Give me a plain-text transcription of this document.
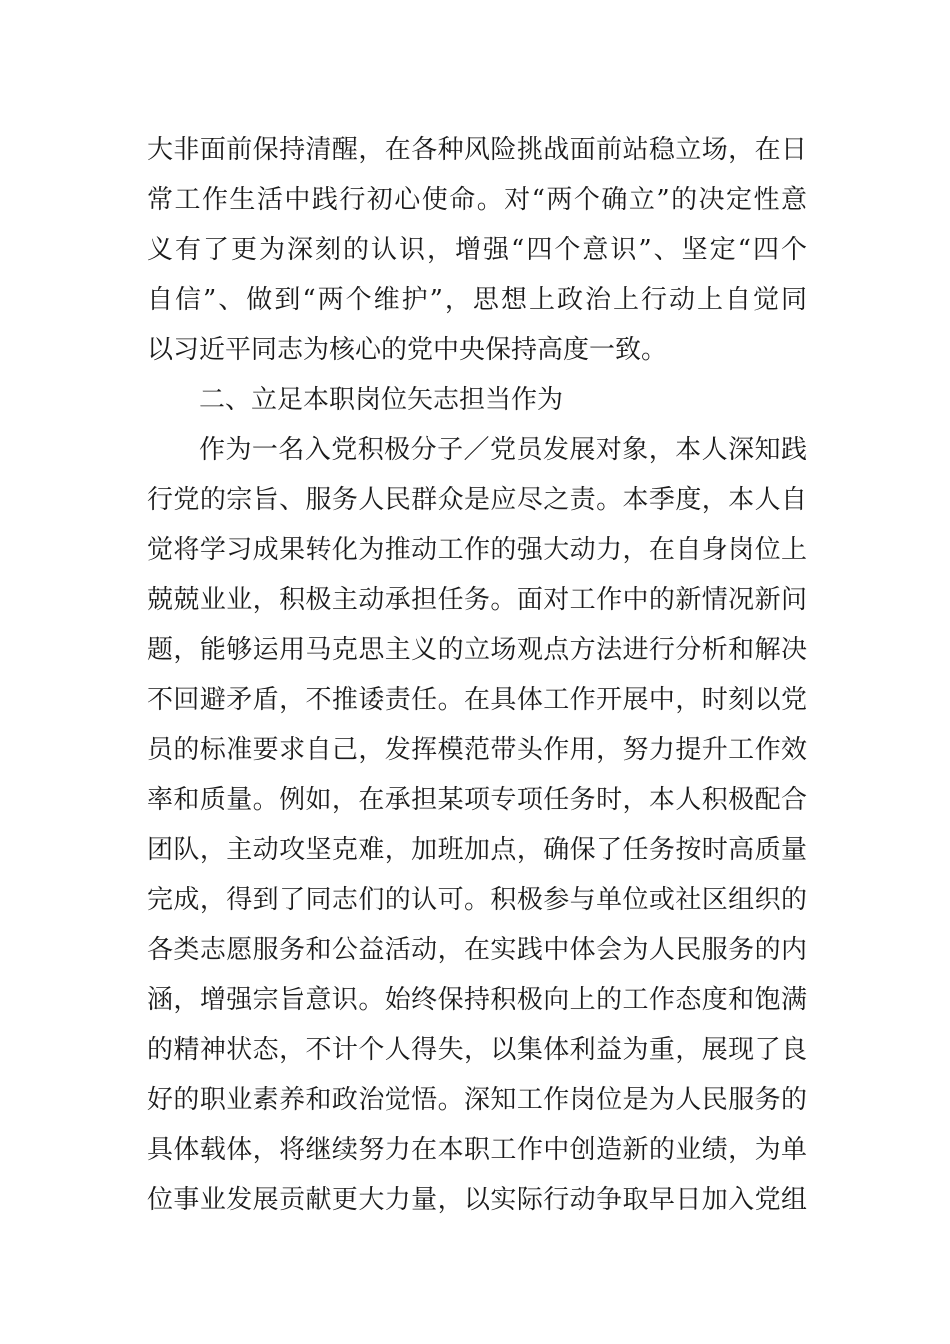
大非面前保持清醒，在各种风险挑战面前站稳立场，在日
常工作生活中践行初心使命。对“两个确立”的决定性意
义有了更为深刻的认识，增强“四个意识”、坚定“四个
自信”、做到“两个维护”，思想上政治上行动上自觉同
以习近平同志为核心的党中央保持高度一致。
二、立足本职岗位矢志担当作为
作为一名入党积极分子／党员发展对象，本人深知践
行党的宗旨、服务人民群众是应尽之责。本季度，本人自
觉将学习成果转化为推动工作的强大动力，在自身岗位上
兢兢业业，积极主动承担任务。面对工作中的新情况新问
题，能够运用马克思主义的立场观点方法进行分析和解决
不回避矛盾，不推诿责任。在具体工作开展中，时刻以党
员的标准要求自己，发挥模范带头作用，努力提升工作效
率和质量。例如，在承担某项专项任务时，本人积极配合
团队，主动攻坚克难，加班加点，确保了任务按时高质量
完成，得到了同志们的认可。积极参与单位或社区组织的
各类志愿服务和公益活动，在实践中体会为人民服务的内
涵，增强宗旨意识。始终保持积极向上的工作态度和饱满
的精神状态，不计个人得失，以集体利益为重，展现了良
好的职业素养和政治觉悟。深知工作岗位是为人民服务的
具体载体，将继续努力在本职工作中创造新的业绩，为单
位事业发展贡献更大力量，以实际行动争取早日加入党组
